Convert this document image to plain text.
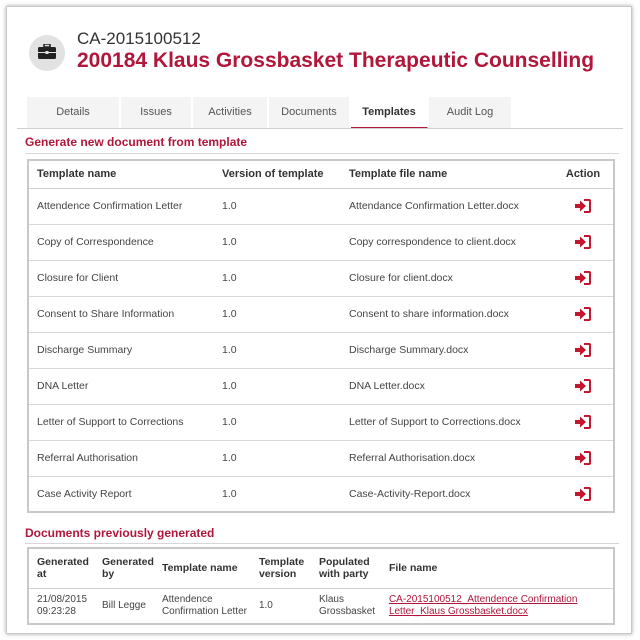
CA-2015100512
200184 Klaus Grossbasket Therapeutic Counselling
Details	Issues	Activities	Documents	Templates	Audit Log
Generate new document from template
Template name	Version of template	Template file name	Action
Attendence Confirmation Letter	1.0	Attendance Confirmation Letter.docx	
Copy of Correspondence	1.0	Copy correspondence to client.docx	
Closure for Client	1.0	Closure for client.docx	
Consent to Share Information	1.0	Consent to share information.docx	
Discharge Summary	1.0	Discharge Summary.docx	
DNA Letter	1.0	DNA Letter.docx	
Letter of Support to Corrections	1.0	Letter of Support to Corrections.docx	
Referral Authorisation	1.0	Referral Authorisation.docx	
Case Activity Report	1.0	Case-Activity-Report.docx	
Documents previously generated
Generated at	Generated by	Template name	Template version	Populated with party	File name
21/08/2015 09:23:28	Bill Legge	Attendence Confirmation Letter	1.0	Klaus Grossbasket	CA-2015100512_Attendence Confirmation Letter_Klaus Grossbasket.docx
